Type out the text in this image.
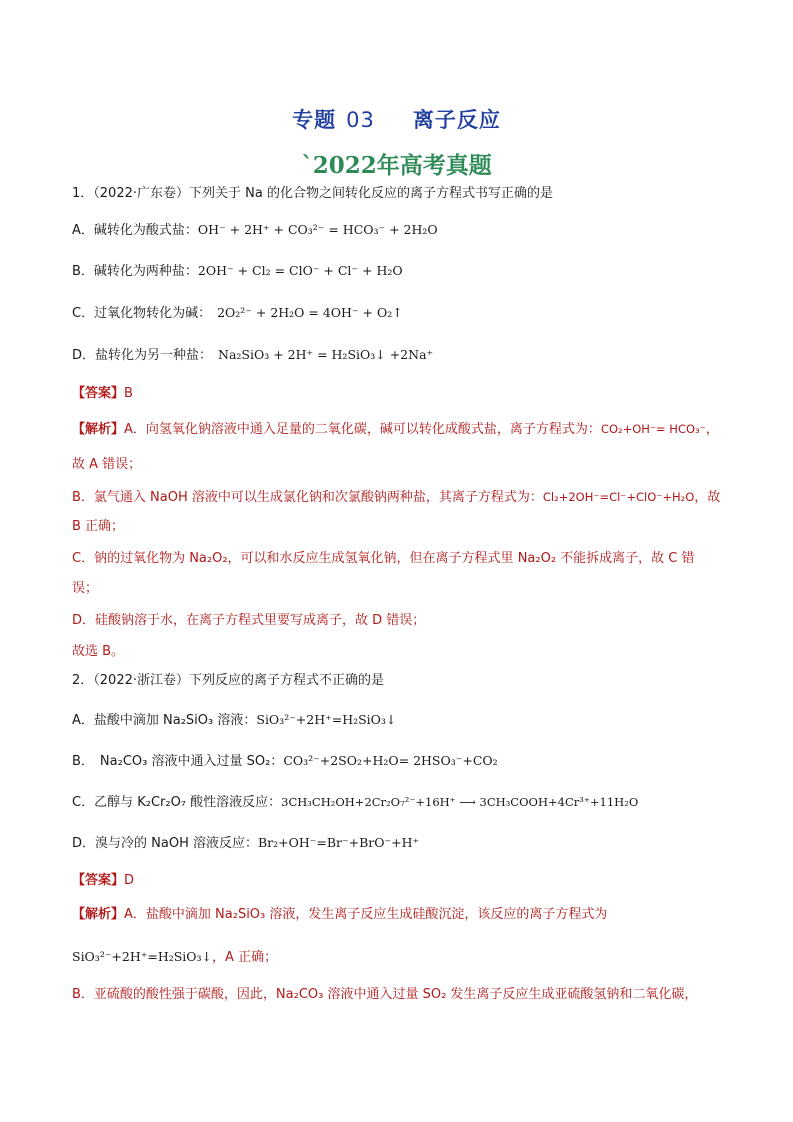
专题 03 离子反应
`2022年高考真题
1．（2022·广东卷）下列关于 Na 的化合物之间转化反应的离子方程式书写正确的是
A．碱转化为酸式盐：OH⁻ + 2H⁺ + CO₃²⁻ = HCO₃⁻ + 2H₂O
B．碱转化为两种盐：2OH⁻ + Cl₂ = ClO⁻ + Cl⁻ + H₂O
C．过氧化物转化为碱： 2O₂²⁻ + 2H₂O = 4OH⁻ + O₂↑
D．盐转化为另一种盐： Na₂SiO₃ + 2H⁺ = H₂SiO₃↓ +2Na⁺
【答案】B
【解析】A．向氢氧化钠溶液中通入足量的二氧化碳，碱可以转化成酸式盐，离子方程式为：CO₂+OH⁻= HCO₃⁻，
故 A 错误；
B．氯气通入 NaOH 溶液中可以生成氯化钠和次氯酸钠两种盐，其离子方程式为：Cl₂+2OH⁻=Cl⁻+ClO⁻+H₂O，故
B 正确；
C．钠的过氧化物为 Na₂O₂，可以和水反应生成氢氧化钠，但在离子方程式里 Na₂O₂ 不能拆成离子，故 C 错
误；
D．硅酸钠溶于水，在离子方程式里要写成离子，故 D 错误；
故选 B。
2．（2022·浙江卷）下列反应的离子方程式不正确的是
A．盐酸中滴加 Na₂SiO₃ 溶液：SiO₃²⁻+2H⁺=H₂SiO₃↓
B． Na₂CO₃ 溶液中通入过量 SO₂：CO₃²⁻+2SO₂+H₂O= 2HSO₃⁻+CO₂
C．乙醇与 K₂Cr₂O₇ 酸性溶液反应：3CH₃CH₂OH+2Cr₂O₇²⁻+16H⁺ ⟶ 3CH₃COOH+4Cr³⁺+11H₂O
D．溴与冷的 NaOH 溶液反应：Br₂+OH⁻=Br⁻+BrO⁻+H⁺
【答案】D
【解析】A．盐酸中滴加 Na₂SiO₃ 溶液，发生离子反应生成硅酸沉淀，该反应的离子方程式为
SiO₃²⁻+2H⁺=H₂SiO₃↓，A 正确；
B．亚硫酸的酸性强于碳酸，因此，Na₂CO₃ 溶液中通入过量 SO₂ 发生离子反应生成亚硫酸氢钠和二氧化碳，
